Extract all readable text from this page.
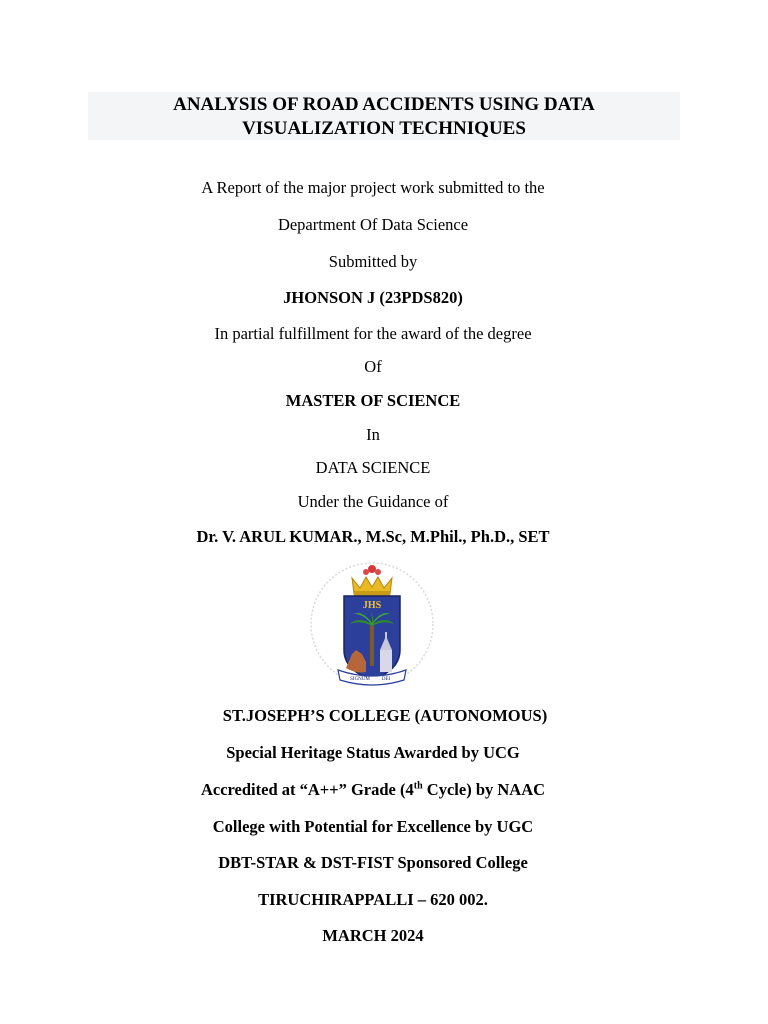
ANALYSIS OF ROAD ACCIDENTS USING DATA
VISUALIZATION TECHNIQUES
A Report of the major project work submitted to the
Department Of Data Science
Submitted by
JHONSON J (23PDS820)
In partial fulfillment for the award of the degree
Of
MASTER OF SCIENCE
In
DATA SCIENCE
Under the Guidance of
Dr. V. ARUL KUMAR., M.Sc, M.Phil., Ph.D., SET
JHS
SIGNUM DEI
ST.JOSEPH’S COLLEGE (AUTONOMOUS)
Special Heritage Status Awarded by UCG
Accredited at “A++” Grade (4th Cycle) by NAAC
College with Potential for Excellence by UGC
DBT-STAR & DST-FIST Sponsored College
TIRUCHIRAPPALLI – 620 002.
MARCH 2024
